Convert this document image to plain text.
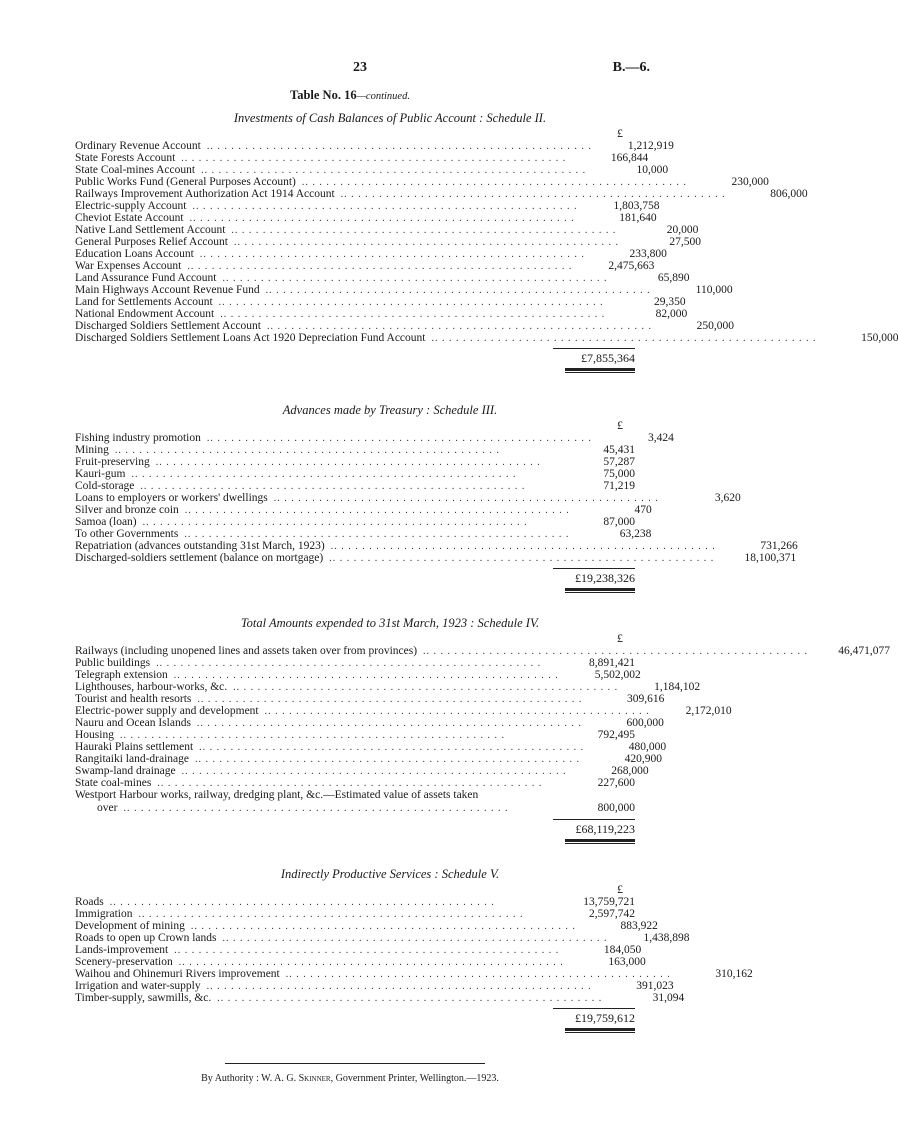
23	B.—6.
Table No. 16—continued.
Investments of Cash Balances of Public Account : Schedule II.
£
Ordinary Revenue Account .. . . . . . . . . . . . . . . . . . . . . . . . . . . . . . . . . . . . . . . . . . . . . . . . . . . . . . .	1,212,919
State Forests Account .. . . . . . . . . . . . . . . . . . . . . . . . . . . . . . . . . . . . . . . . . . . . . . . . . . . . . . .	166,844
State Coal-mines Account .. . . . . . . . . . . . . . . . . . . . . . . . . . . . . . . . . . . . . . . . . . . . . . . . . . . . . . .	10,000
Public Works Fund (General Purposes Account) .. . . . . . . . . . . . . . . . . . . . . . . . . . . . . . . . . . . . . . . . . . . . . . . . . . . . . . .	230,000
Railways Improvement Authorization Act 1914 Account .. . . . . . . . . . . . . . . . . . . . . . . . . . . . . . . . . . . . . . . . . . . . . . . . . . . . . . .	806,000
Electric-supply Account .. . . . . . . . . . . . . . . . . . . . . . . . . . . . . . . . . . . . . . . . . . . . . . . . . . . . . . .	1,803,758
Cheviot Estate Account .. . . . . . . . . . . . . . . . . . . . . . . . . . . . . . . . . . . . . . . . . . . . . . . . . . . . . . .	181,640
Native Land Settlement Account .. . . . . . . . . . . . . . . . . . . . . . . . . . . . . . . . . . . . . . . . . . . . . . . . . . . . . . .	20,000
General Purposes Relief Account .. . . . . . . . . . . . . . . . . . . . . . . . . . . . . . . . . . . . . . . . . . . . . . . . . . . . . . .	27,500
Education Loans Account .. . . . . . . . . . . . . . . . . . . . . . . . . . . . . . . . . . . . . . . . . . . . . . . . . . . . . . .	233,800
War Expenses Account .. . . . . . . . . . . . . . . . . . . . . . . . . . . . . . . . . . . . . . . . . . . . . . . . . . . . . . .	2,475,663
Land Assurance Fund Account .. . . . . . . . . . . . . . . . . . . . . . . . . . . . . . . . . . . . . . . . . . . . . . . . . . . . . . .	65,890
Main Highways Account Revenue Fund .. . . . . . . . . . . . . . . . . . . . . . . . . . . . . . . . . . . . . . . . . . . . . . . . . . . . . . .	110,000
Land for Settlements Account .. . . . . . . . . . . . . . . . . . . . . . . . . . . . . . . . . . . . . . . . . . . . . . . . . . . . . . .	29,350
National Endowment Account .. . . . . . . . . . . . . . . . . . . . . . . . . . . . . . . . . . . . . . . . . . . . . . . . . . . . . . .	82,000
Discharged Soldiers Settlement Account .. . . . . . . . . . . . . . . . . . . . . . . . . . . . . . . . . . . . . . . . . . . . . . . . . . . . . . .	250,000
Discharged Soldiers Settlement Loans Act 1920 Depreciation Fund Account .. . . . . . . . . . . . . . . . . . . . . . . . . . . . . . . . . . . . . . . . . . . . . . . . . . . . . . .	150,000
£7,855,364
Advances made by Treasury : Schedule III.
£
Fishing industry promotion .. . . . . . . . . . . . . . . . . . . . . . . . . . . . . . . . . . . . . . . . . . . . . . . . . . . . . . .	3,424
Mining .. . . . . . . . . . . . . . . . . . . . . . . . . . . . . . . . . . . . . . . . . . . . . . . . . . . . . . .	45,431
Fruit-preserving .. . . . . . . . . . . . . . . . . . . . . . . . . . . . . . . . . . . . . . . . . . . . . . . . . . . . . . .	57,287
Kauri-gum .. . . . . . . . . . . . . . . . . . . . . . . . . . . . . . . . . . . . . . . . . . . . . . . . . . . . . . .	75,000
Cold-storage .. . . . . . . . . . . . . . . . . . . . . . . . . . . . . . . . . . . . . . . . . . . . . . . . . . . . . . .	71,219
Loans to employers or workers' dwellings .. . . . . . . . . . . . . . . . . . . . . . . . . . . . . . . . . . . . . . . . . . . . . . . . . . . . . . .	3,620
Silver and bronze coin .. . . . . . . . . . . . . . . . . . . . . . . . . . . . . . . . . . . . . . . . . . . . . . . . . . . . . . .	470
Samoa (loan) .. . . . . . . . . . . . . . . . . . . . . . . . . . . . . . . . . . . . . . . . . . . . . . . . . . . . . . .	87,000
To other Governments .. . . . . . . . . . . . . . . . . . . . . . . . . . . . . . . . . . . . . . . . . . . . . . . . . . . . . . .	63,238
Repatriation (advances outstanding 31st March, 1923) .. . . . . . . . . . . . . . . . . . . . . . . . . . . . . . . . . . . . . . . . . . . . . . . . . . . . . . .	731,266
Discharged-soldiers settlement (balance on mortgage) .. . . . . . . . . . . . . . . . . . . . . . . . . . . . . . . . . . . . . . . . . . . . . . . . . . . . . . .	18,100,371
£19,238,326
Total Amounts expended to 31st March, 1923 : Schedule IV.
£
Railways (including unopened lines and assets taken over from provinces) .. . . . . . . . . . . . . . . . . . . . . . . . . . . . . . . . . . . . . . . . . . . . . . . . . . . . . . .	46,471,077
Public buildings .. . . . . . . . . . . . . . . . . . . . . . . . . . . . . . . . . . . . . . . . . . . . . . . . . . . . . . .	8,891,421
Telegraph extension .. . . . . . . . . . . . . . . . . . . . . . . . . . . . . . . . . . . . . . . . . . . . . . . . . . . . . . .	5,502,002
Lighthouses, harbour-works, &c. .. . . . . . . . . . . . . . . . . . . . . . . . . . . . . . . . . . . . . . . . . . . . . . . . . . . . . . .	1,184,102
Tourist and health resorts .. . . . . . . . . . . . . . . . . . . . . . . . . . . . . . . . . . . . . . . . . . . . . . . . . . . . . . .	309,616
Electric-power supply and development .. . . . . . . . . . . . . . . . . . . . . . . . . . . . . . . . . . . . . . . . . . . . . . . . . . . . . . .	2,172,010
Nauru and Ocean Islands .. . . . . . . . . . . . . . . . . . . . . . . . . . . . . . . . . . . . . . . . . . . . . . . . . . . . . . .	600,000
Housing .. . . . . . . . . . . . . . . . . . . . . . . . . . . . . . . . . . . . . . . . . . . . . . . . . . . . . . .	792,495
Hauraki Plains settlement .. . . . . . . . . . . . . . . . . . . . . . . . . . . . . . . . . . . . . . . . . . . . . . . . . . . . . . .	480,000
Rangitaiki land-drainage .. . . . . . . . . . . . . . . . . . . . . . . . . . . . . . . . . . . . . . . . . . . . . . . . . . . . . . .	420,900
Swamp-land drainage .. . . . . . . . . . . . . . . . . . . . . . . . . . . . . . . . . . . . . . . . . . . . . . . . . . . . . . .	268,000
State coal-mines .. . . . . . . . . . . . . . . . . . . . . . . . . . . . . . . . . . . . . . . . . . . . . . . . . . . . . . .	227,600
Westport Harbour works, railway, dredging plant, &c.—Estimated value of assets taken
over .. . . . . . . . . . . . . . . . . . . . . . . . . . . . . . . . . . . . . . . . . . . . . . . . . . . . . . .	800,000
£68,119,223
Indirectly Productive Services : Schedule V.
£
Roads .. . . . . . . . . . . . . . . . . . . . . . . . . . . . . . . . . . . . . . . . . . . . . . . . . . . . . . .	13,759,721
Immigration .. . . . . . . . . . . . . . . . . . . . . . . . . . . . . . . . . . . . . . . . . . . . . . . . . . . . . . .	2,597,742
Development of mining .. . . . . . . . . . . . . . . . . . . . . . . . . . . . . . . . . . . . . . . . . . . . . . . . . . . . . . .	883,922
Roads to open up Crown lands .. . . . . . . . . . . . . . . . . . . . . . . . . . . . . . . . . . . . . . . . . . . . . . . . . . . . . . .	1,438,898
Lands-improvement .. . . . . . . . . . . . . . . . . . . . . . . . . . . . . . . . . . . . . . . . . . . . . . . . . . . . . . .	184,050
Scenery-preservation .. . . . . . . . . . . . . . . . . . . . . . . . . . . . . . . . . . . . . . . . . . . . . . . . . . . . . . .	163,000
Waihou and Ohinemuri Rivers improvement .. . . . . . . . . . . . . . . . . . . . . . . . . . . . . . . . . . . . . . . . . . . . . . . . . . . . . . .	310,162
Irrigation and water-supply .. . . . . . . . . . . . . . . . . . . . . . . . . . . . . . . . . . . . . . . . . . . . . . . . . . . . . . .	391,023
Timber-supply, sawmills, &c. .. . . . . . . . . . . . . . . . . . . . . . . . . . . . . . . . . . . . . . . . . . . . . . . . . . . . . . .	31,094
£19,759,612
By Authority : W. A. G. Skinner, Government Printer, Wellington.—1923.
